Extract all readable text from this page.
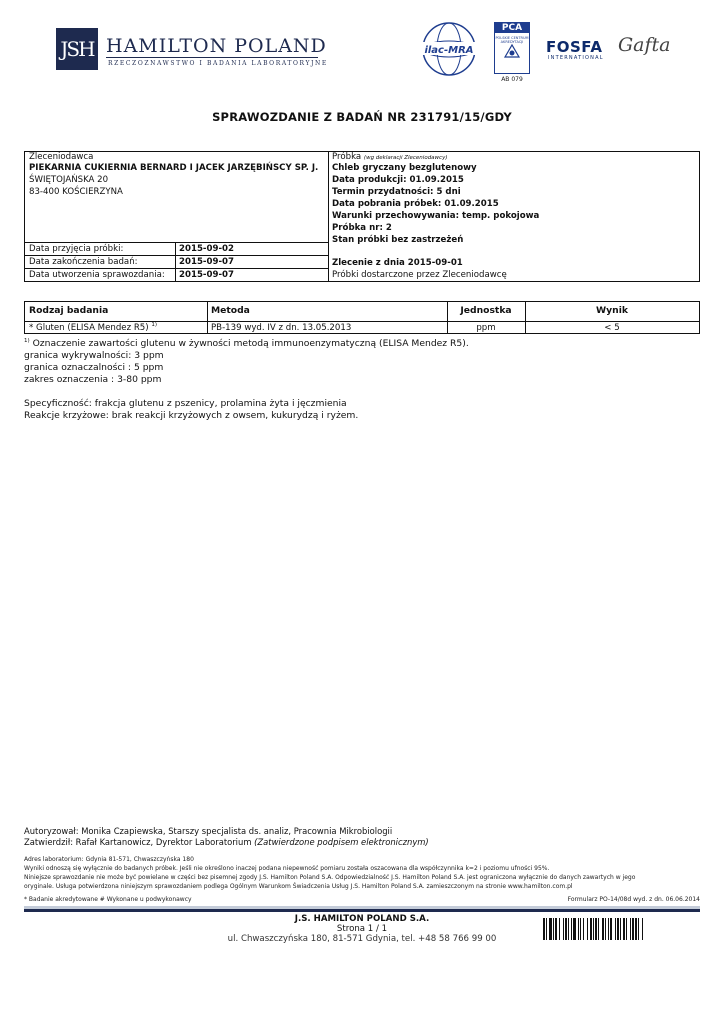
JSH HAMILTON POLAND
RZECZOZNAWSTWO I BADANIA LABORATORYJNE
ilac-MRA
PCA
POLSKIE CENTRUM AKREDYTACJI
AB 079
FOSFA
INTERNATIONAL
Gafta
SPRAWOZDANIE Z BADAŃ NR 231791/15/GDY
Zleceniodawca
PIEKARNIA CUKIERNIA BERNARD I JACEK JARZĘBIŃSCY SP. J.
ŚWIĘTOJAŃSKA 20
83-400 KOŚCIERZYNA
Data przyjęcia próbki:	2015-09-02
Data zakończenia badań:	2015-09-07
Data utworzenia sprawozdania: 2015-09-07
Próbka (wg deklaracji Zleceniodawcy)
Chleb gryczany bezglutenowy
Data produkcji: 01.09.2015
Termin przydatności: 5 dni
Data pobrania próbek: 01.09.2015
Warunki przechowywania: temp. pokojowa
Próbka nr: 2
Stan próbki bez zastrzeżeń
Zlecenie z dnia 2015-09-01
Próbki dostarczone przez Zleceniodawcę
Rodzaj badania	Metoda	Jednostka	Wynik
* Gluten (ELISA Mendez R5) $^{1)}$	PB-139 wyd. IV z dn. 13.05.2013	ppm	< 5
$^{1)}$ Oznaczenie zawartości glutenu w żywności metodą immunoenzymatyczną (ELISA Mendez R5).
granica wykrywalności: 3 ppm
granica oznaczalności : 5 ppm
zakres oznaczenia : 3-80 ppm
Specyficzność: frakcja glutenu z pszenicy, prolamina żyta i jęczmienia
Reakcje krzyżowe: brak reakcji krzyżowych z owsem, kukurydzą i ryżem.
Autoryzował: Monika Czapiewska, Starszy specjalista ds. analiz, Pracownia Mikrobiologii
Zatwierdził: Rafał Kartanowicz, Dyrektor Laboratorium (Zatwierdzone podpisem elektronicznym)
Adres laboratorium: Gdynia 81-571, Chwaszczyńska 180
Wyniki odnoszą się wyłącznie do badanych próbek. Jeśli nie określono inaczej podana niepewność pomiaru została oszacowana dla współczynnika k=2 i poziomu ufności 95%.
Niniejsze sprawozdanie nie może być powielane w części bez pisemnej zgody J.S. Hamilton Poland S.A. Odpowiedzialność J.S. Hamilton Poland S.A. jest ograniczona wyłącznie do danych zawartych w jego
oryginale. Usługa potwierdzona niniejszym sprawozdaniem podlega Ogólnym Warunkom Świadczenia Usług J.S. Hamilton Poland S.A. zamieszczonym na stronie www.hamilton.com.pl
* Badanie akredytowane # Wykonane u podwykonawcy	Formularz PO-14/08d wyd. z dn. 06.06.2014
J.S. HAMILTON POLAND S.A.
Strona 1 / 1
ul. Chwaszczyńska 180, 81-571 Gdynia, tel. +48 58 766 99 00
